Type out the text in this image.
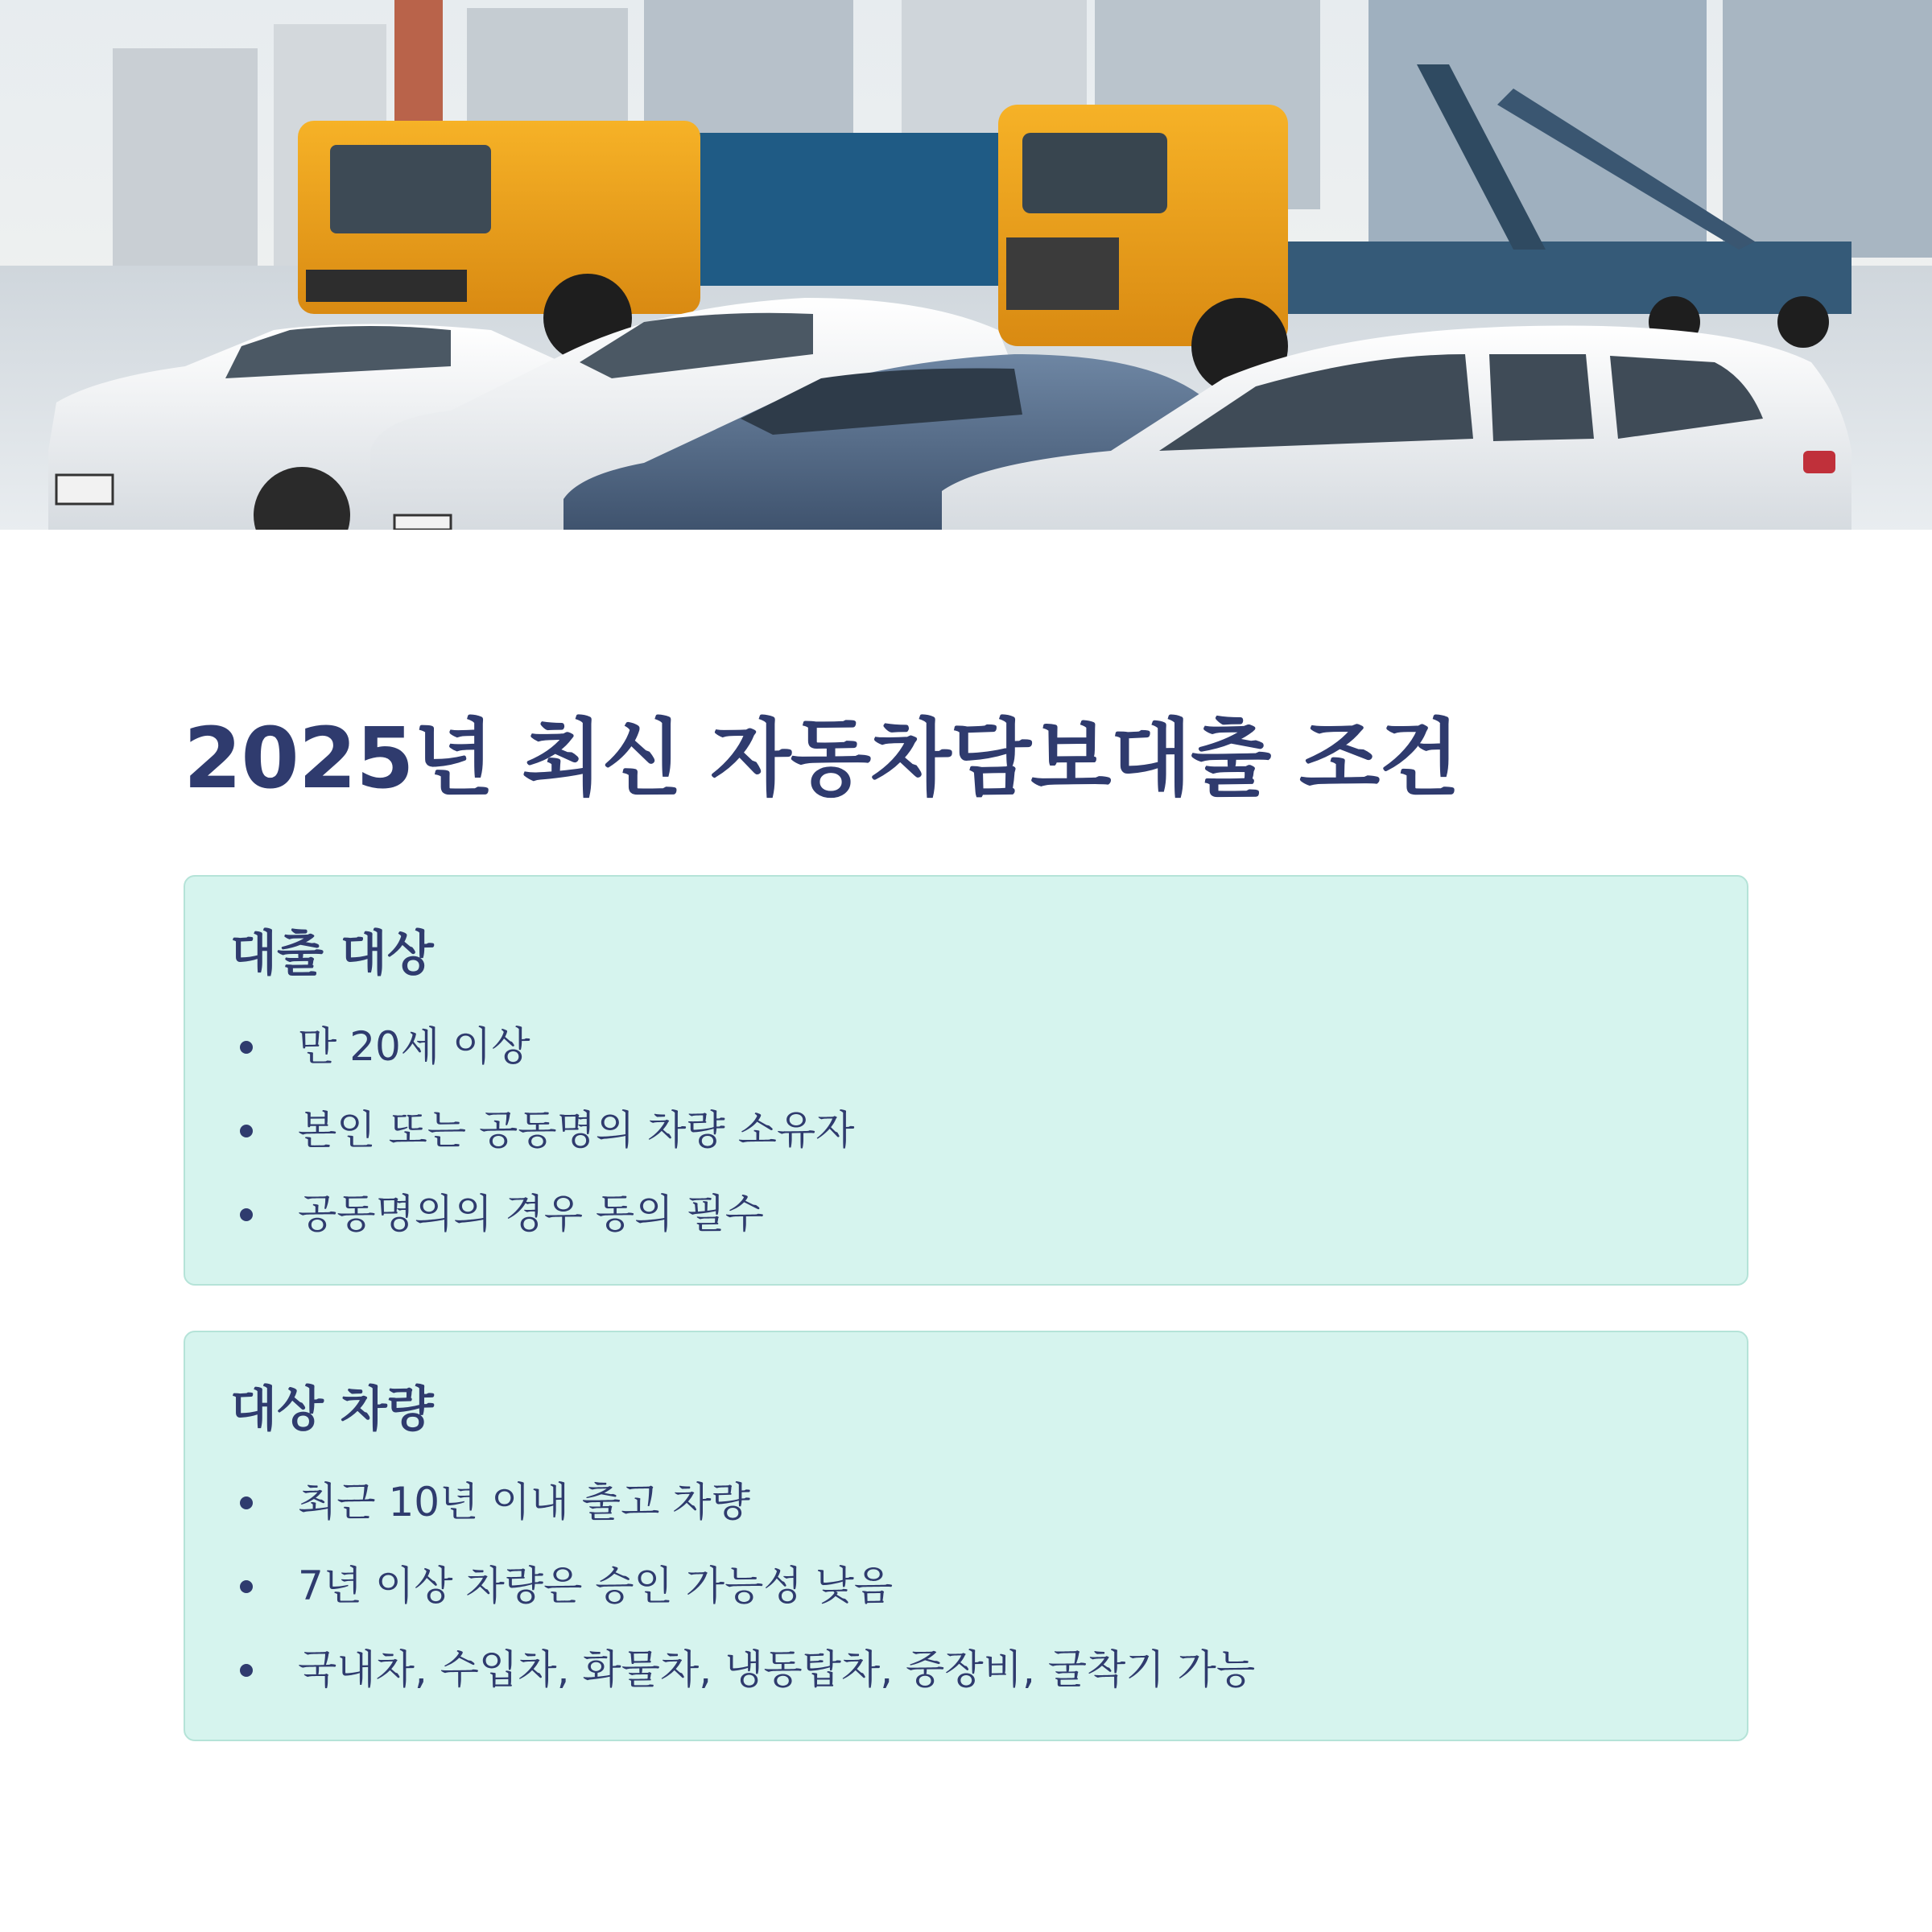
2025년 최신 자동차담보대출 조건
대출 대상
만 20세 이상
본인 또는 공동명의 차량 소유자
공동명의의 경우 동의 필수
대상 차량
최근 10년 이내 출고 차량
7년 이상 차량은 승인 가능성 낮음
국내차, 수입차, 화물차, 냉동탑차, 중장비, 굴착기 가능
